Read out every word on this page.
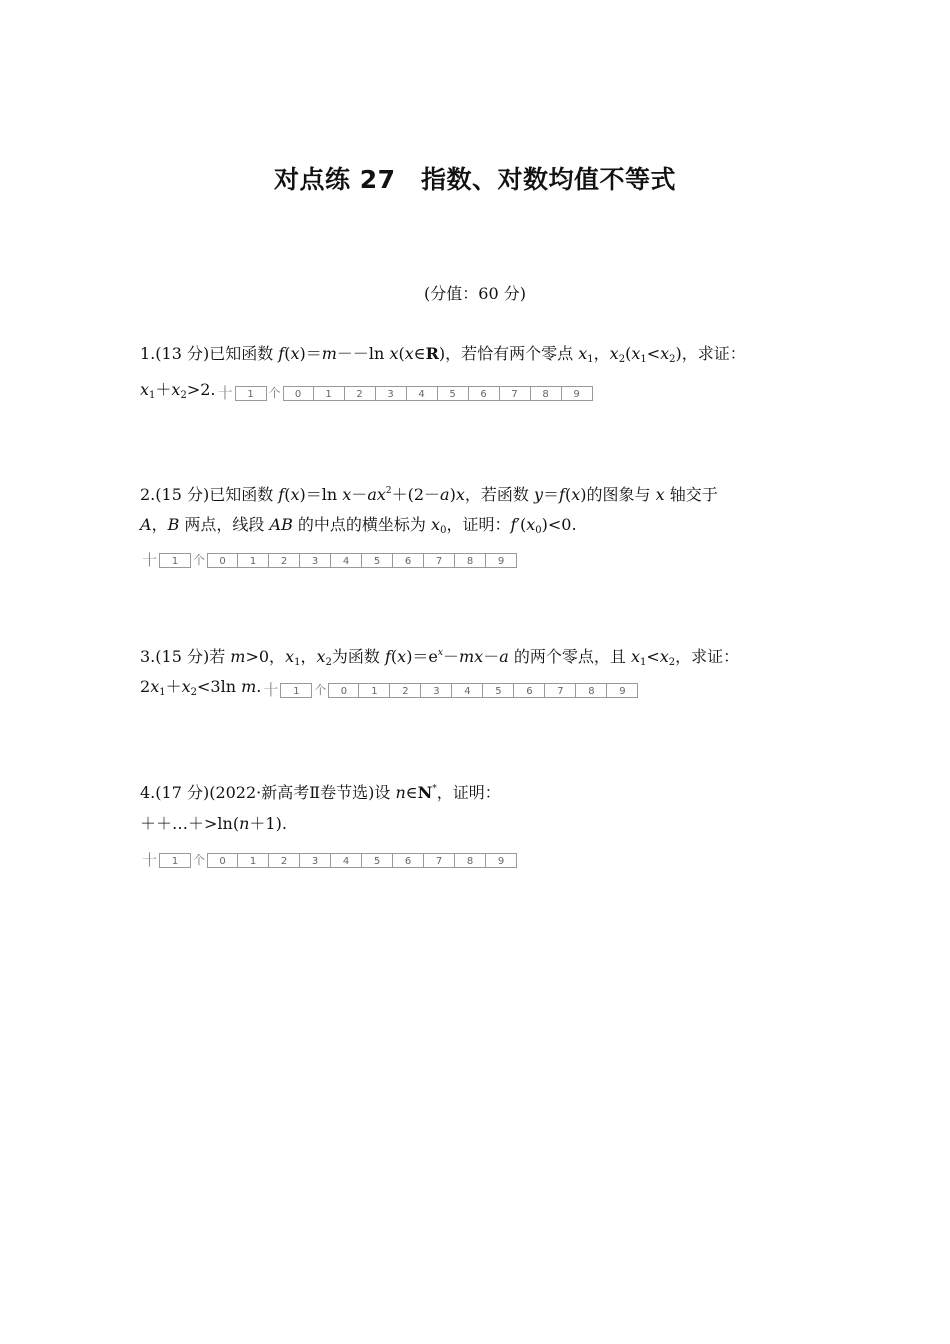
对点练 27　指数、对数均值不等式
(分值：60 分)
1.(13 分)已知函数 f(x)＝m－－ln x(x∈R)，若恰有两个零点 $x_1$，$x_2(x_1<x_2)$，求证：
$x_1+x_2>2$. 十	1	个	0	1	2	3	4	5	6	7	8	9
2.(15 分)已知函数 f(x)＝ln $x-ax^2+(2-a)x$，若函数 y＝f(x)的图象与 x 轴交于
A，B 两点，线段 AB 的中点的横坐标为 $x_0$，证明：$f'(x_0)<0$.
十	1	个	0	1	2	3	4	5	6	7	8	9
3.(15 分)若 m>0，$x_1$，$x_2$为函数 $f(x)=e^x-mx-a$ 的两个零点，且 $x_1<x_2$，求证：
$2x_1+x_2<3\ln$ m. 十	1	个	0	1	2	3	4	5	6	7	8	9
4.(17 分)(2022·新高考Ⅱ卷节选)设 n∈N*，证明：
＋＋…＋>ln(n＋1).
十	1	个	0	1	2	3	4	5	6	7	8	9
